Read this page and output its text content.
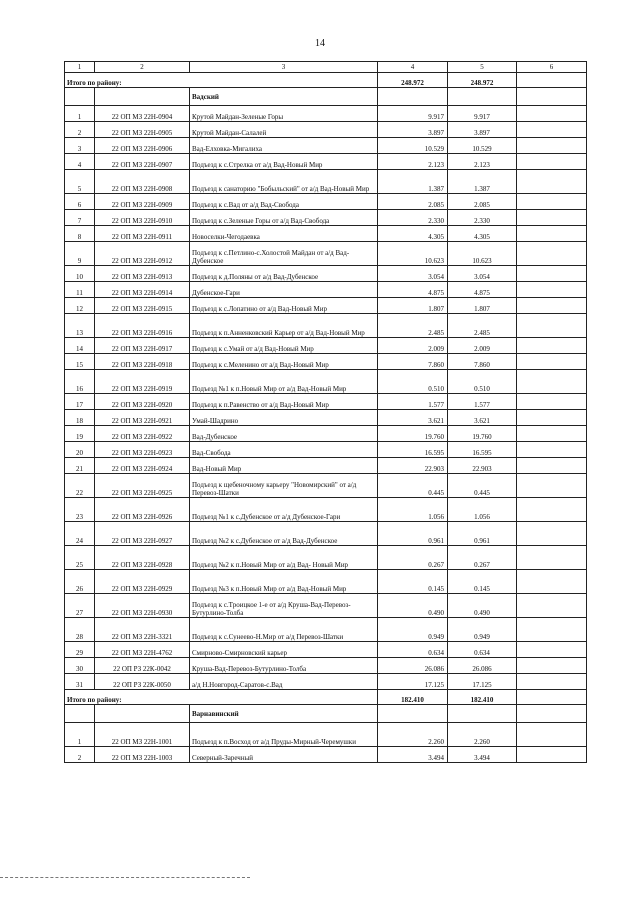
14
1	2	3	4	5	6
Итого по району:			248.972	248.972	
		Вадский			
1	22 ОП МЗ 22Н-0904	Крутой Майдан-Зеленые Горы	9.917	9.917	
2	22 ОП МЗ 22Н-0905	Крутой Майдан-Салалей	3.897	3.897	
3	22 ОП МЗ 22Н-0906	Вад-Елховка-Мигалиха	10.529	10.529	
4	22 ОП МЗ 22Н-0907	Подъезд к с.Стрелка от а/д Вад-Новый Мир	2.123	2.123	
5	22 ОП МЗ 22Н-0908	Подъезд к санаторию "Бобыльский" от а/д Вад-Новый Мир	1.387	1.387	
6	22 ОП МЗ 22Н-0909	Подъезд к с.Вад от а/д Вад-Свобода	2.085	2.085	
7	22 ОП МЗ 22Н-0910	Подъезд к с.Зеленые Горы от а/д Вад-Свобода	2.330	2.330	
8	22 ОП МЗ 22Н-0911	Новоселки-Чегодаевка	4.305	4.305	
9	22 ОП МЗ 22Н-0912	Подъезд к с.Петлино-с.Холостой Майдан от а/д Вад-Дубенское	10.623	10.623	
10	22 ОП МЗ 22Н-0913	Подъезд к д.Поляны от а/д Вад-Дубенское	3.054	3.054	
11	22 ОП МЗ 22Н-0914	Дубенское-Гари	4.875	4.875	
12	22 ОП МЗ 22Н-0915	Подъезд к с.Лопатино от а/д Вад-Новый Мир	1.807	1.807	
13	22 ОП МЗ 22Н-0916	Подъезд к п.Анненковский Карьер от а/д Вад-Новый Мир	2.485	2.485	
14	22 ОП МЗ 22Н-0917	Подъезд к с.Умай от а/д Вад-Новый Мир	2.009	2.009	
15	22 ОП МЗ 22Н-0918	Подъезд к с.Меленино от а/д Вад-Новый Мир	7.860	7.860	
16	22 ОП МЗ 22Н-0919	Подъезд №1 к п.Новый Мир от а/д Вад-Новый Мир	0.510	0.510	
17	22 ОП МЗ 22Н-0920	Подъезд к п.Равенство от а/д Вад-Новый Мир	1.577	1.577	
18	22 ОП МЗ 22Н-0921	Умай-Шадрино	3.621	3.621	
19	22 ОП МЗ 22Н-0922	Вад-Дубенское	19.760	19.760	
20	22 ОП МЗ 22Н-0923	Вад-Свобода	16.595	16.595	
21	22 ОП МЗ 22Н-0924	Вад-Новый Мир	22.903	22.903	
22	22 ОП МЗ 22Н-0925	Подъезд к щебеночному карьеру "Новомирский" от а/д Перевоз-Шатки	0.445	0.445	
23	22 ОП МЗ 22Н-0926	Подъезд №1 к с.Дубенское от а/д Дубенское-Гари	1.056	1.056	
24	22 ОП МЗ 22Н-0927	Подъезд №2 к с.Дубенское от а/д Вад-Дубенское	0.961	0.961	
25	22 ОП МЗ 22Н-0928	Подъезд №2 к п.Новый Мир от а/д Вад- Новый Мир	0.267	0.267	
26	22 ОП МЗ 22Н-0929	Подъезд №3 к п.Новый Мир от а/д Вад-Новый Мир	0.145	0.145	
27	22 ОП МЗ 22Н-0930	Подъезд к с.Троицкое 1-е от а/д Круша-Вад-Перевоз-Бутурлино-Толба	0.490	0.490	
28	22 ОП МЗ 22Н-3321	Подъезд к с.Сунеево-Н.Мир от а/д Перевоз-Шатки	0.949	0.949	
29	22 ОП МЗ 22Н-4762	Смирново-Смирновский карьер	0.634	0.634	
30	22 ОП РЗ 22К-0042	Круша-Вад-Перевоз-Бутурлино-Толба	26.086	26.086	
31	22 ОП РЗ 22К-0050	а/д Н.Новгород-Саратов-с.Вад	17.125	17.125	
Итого по району:			182.410	182.410	
		Варнавинский			
1	22 ОП МЗ 22Н-1001	Подъезд к п.Восход от а/д Пруды-Мирный-Черемушки	2.260	2.260	
2	22 ОП МЗ 22Н-1003	Северный-Заречный	3.494	3.494	
